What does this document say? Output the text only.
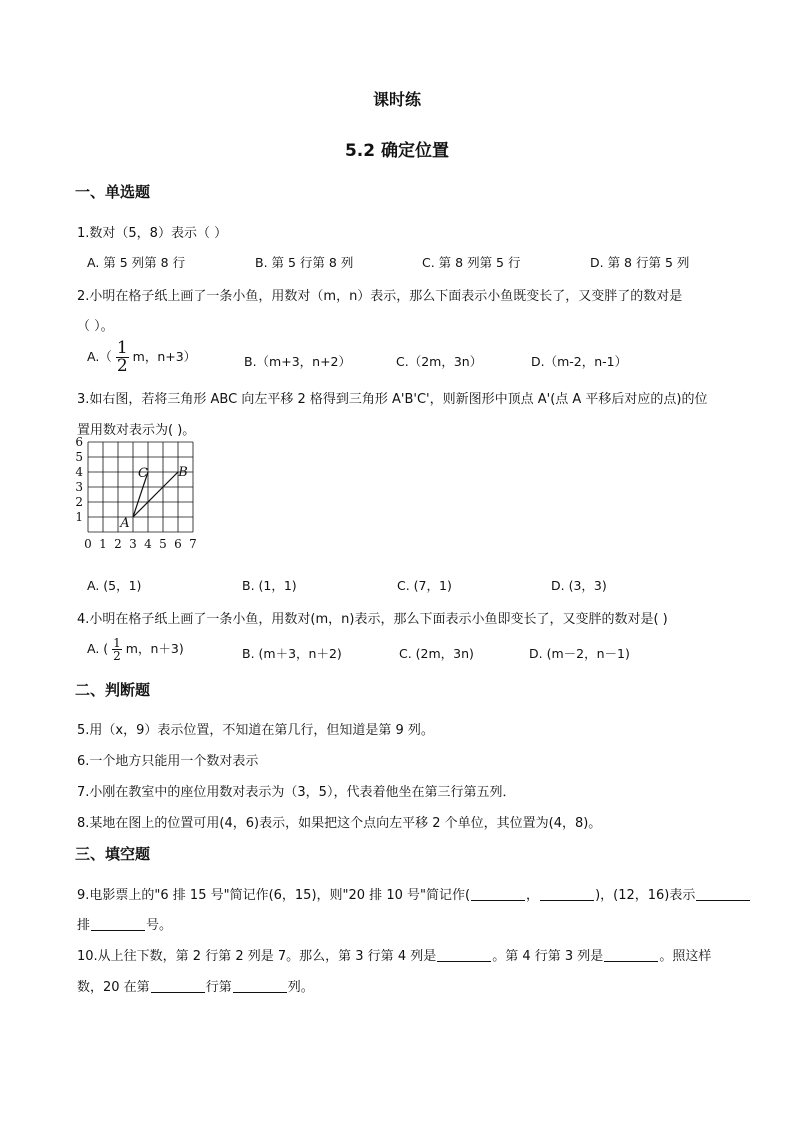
课时练
5.2 确定位置
一、单选题
1.数对（5，8）表示（ ）
A. 第 5 列第 8 行	B. 第 5 行第 8 列	C. 第 8 列第 5 行	D. 第 8 行第 5 列
2.小明在格子纸上画了一条小鱼，用数对（m，n）表示，那么下面表示小鱼既变长了，又变胖了的数对是
（ ）。
$A.( \frac{1}{2}$ m，n+3）	B.（m+3，n+2）	C.（2m，3n）	D.（m-2，n-1）
3.如右图，若将三角形 ABC 向左平移 2 格得到三角形 A'B'C'，则新图形中顶点 A'(点 A 平移后对应的点)的位
置用数对表示为( )。
0 1 2 3 4 5 6 7
1
2
3
4
5
6
A
B
C
A. (5，1)	B. (1，1)	C. (7，1)	D. (3，3)
4.小明在格子纸上画了一条小鱼，用数对(m，n)表示，那么下面表示小鱼即变长了，又变胖的数对是( )
A. ( $\frac{1}{2}$ m，n＋3)	B. (m＋3，n＋2)	C. (2m，3n)	D. (m－2，n－1)
二、判断题
5.用（x，9）表示位置，不知道在第几行，但知道是第 9 列。
6.一个地方只能用一个数对表示
7.小刚在教室中的座位用数对表示为（3，5），代表着他坐在第三行第五列．
8.某地在图上的位置可用(4，6)表示，如果把这个点向左平移 2 个单位，其位置为(4，8)。
三、填空题
9.电影票上的"6 排 15 号"简记作(6，15)，则"20 排 10 号"简记作(	，	)，(12，16)表示
排	号。
10.从上往下数，第 2 行第 2 列是 7。那么，第 3 行第 4 列是	。第 4 行第 3 列是	。照这样
数，20 在第	行第	列。
